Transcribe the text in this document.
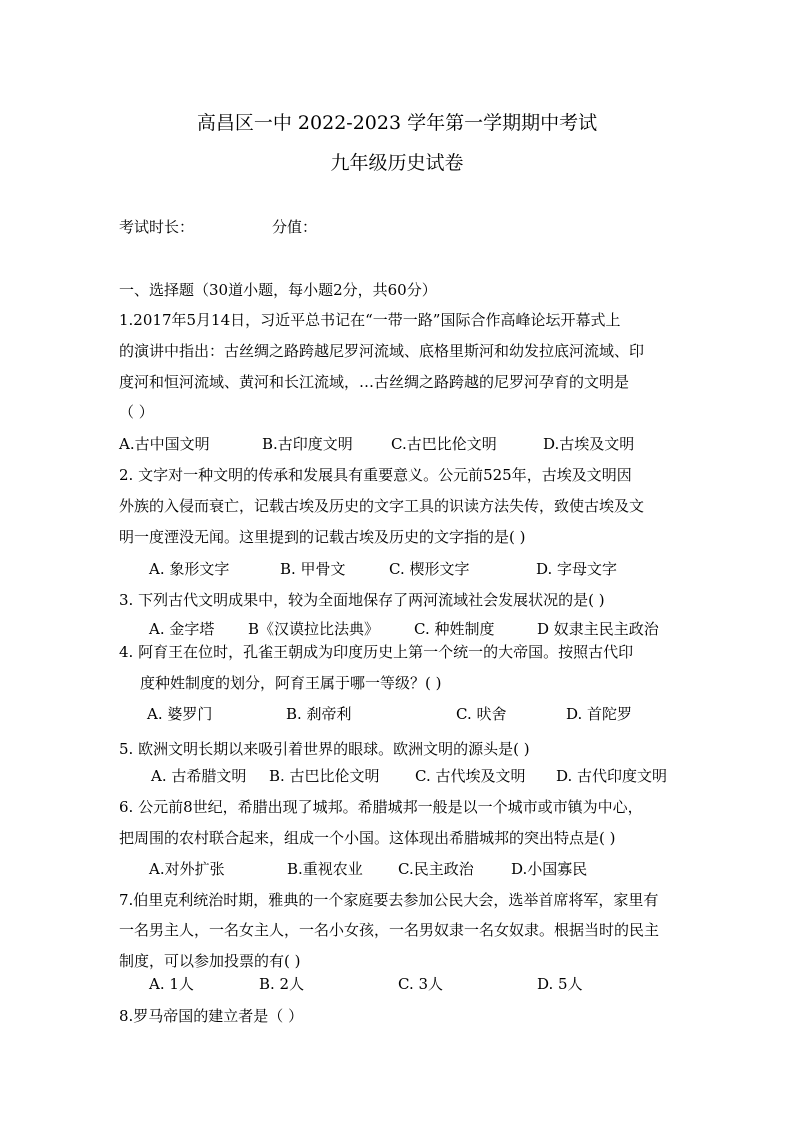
高昌区一中 2022-2023 学年第一学期期中考试
九年级历史试卷
考试时长：	分值：
一、选择题（30道小题，每小题2分，共60分）
1.2017年5月14日，习近平总书记在“一带一路”国际合作高峰论坛开幕式上
的演讲中指出：古丝绸之路跨越尼罗河流域、底格里斯河和幼发拉底河流域、印
度河和恒河流域、黄河和长江流域，…古丝绸之路跨越的尼罗河孕育的文明是
（ ）
A.古中国文明	B.古印度文明	C.古巴比伦文明	D.古埃及文明
2. 文字对一种文明的传承和发展具有重要意义。公元前525年，古埃及文明因
外族的入侵而衰亡，记载古埃及历史的文字工具的识读方法失传，致使古埃及文
明一度湮没无闻。这里提到的记载古埃及历史的文字指的是( )
A. 象形文字	B. 甲骨文	C. 楔形文字	D. 字母文字
3. 下列古代文明成果中，较为全面地保存了两河流域社会发展状况的是( )
A. 金字塔 B《汉谟拉比法典》 C. 种姓制度	D 奴隶主民主政治
4. 阿育王在位时，孔雀王朝成为印度历史上第一个统一的大帝国。按照古代印
度种姓制度的划分，阿育王属于哪一等级？( )
A. 婆罗门	B. 刹帝利	C. 吠舍	D. 首陀罗
5. 欧洲文明长期以来吸引着世界的眼球。欧洲文明的源头是( )
A. 古希腊文明 B. 古巴比伦文明 C. 古代埃及文明 D. 古代印度文明
6. 公元前8世纪，希腊出现了城邦。希腊城邦一般是以一个城市或市镇为中心，
把周围的农村联合起来，组成一个小国。这体现出希腊城邦的突出特点是( )
A.对外扩张	B.重视农业 C.民主政治 D.小国寡民
7.伯里克利统治时期，雅典的一个家庭要去参加公民大会，选举首席将军，家里有
一名男主人，一名女主人，一名小女孩，一名男奴隶一名女奴隶。根据当时的民主
制度，可以参加投票的有( )
A. 1人	B. 2人	C. 3人	D. 5人
8.罗马帝国的建立者是（ ）
